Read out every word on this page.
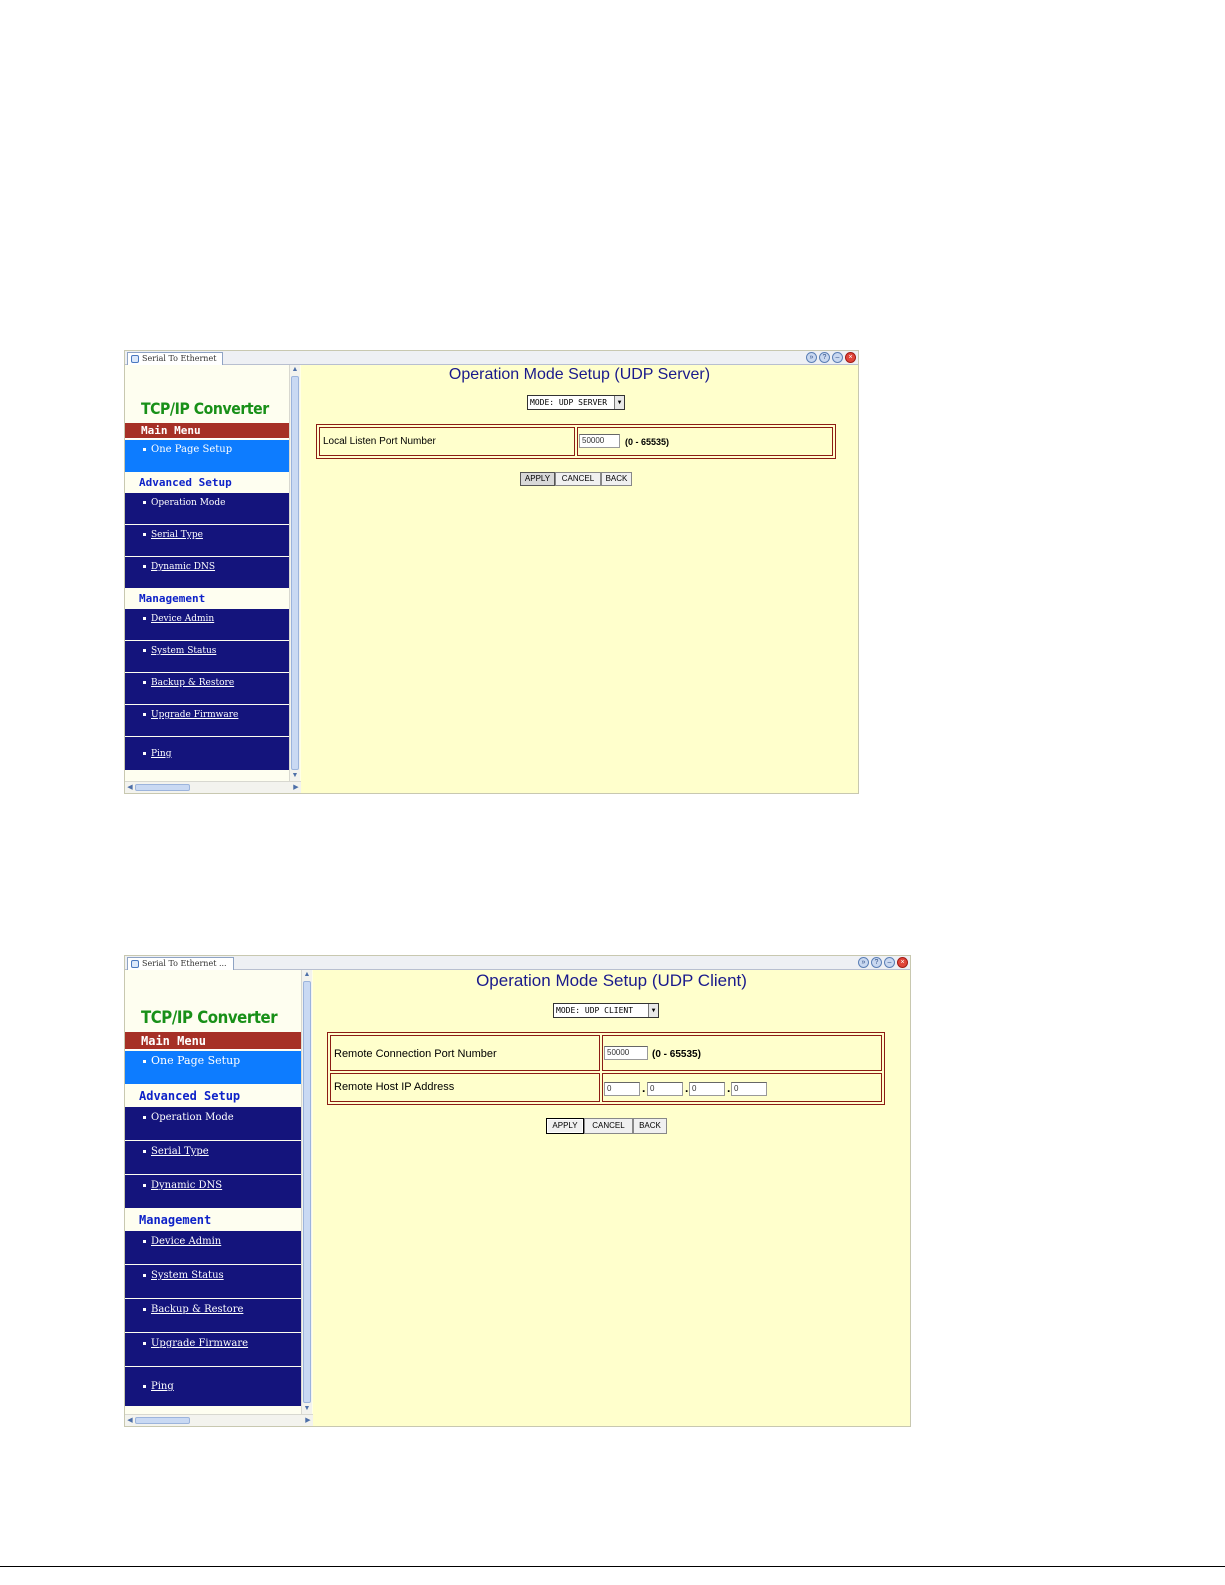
Serial To Ethernet	»	?	–	×
TCP/IP Converter
Main Menu
One Page Setup
Advanced Setup
Operation Mode
Serial Type
Dynamic DNS
Management
Device Admin
System Status
Backup & Restore
Upgrade Firmware
Ping
▲
▼
◀	▶
Operation Mode Setup (UDP Server)
MODE: UDP SERVER	▼
Local Listen Port Number	50000	(0 - 65535)
APPLY	CANCEL	BACK
Serial To Ethernet ...	»	?	–	×
TCP/IP Converter
Main Menu
One Page Setup
Advanced Setup
Operation Mode
Serial Type
Dynamic DNS
Management
Device Admin
System Status
Backup & Restore
Upgrade Firmware
Ping
▲
▼
◀	▶
Operation Mode Setup (UDP Client)
MODE: UDP CLIENT	▼
Remote Connection Port Number	50000	(0 - 65535)
Remote Host IP Address	0	. 0	. 0	. 0
APPLY	CANCEL	BACK
